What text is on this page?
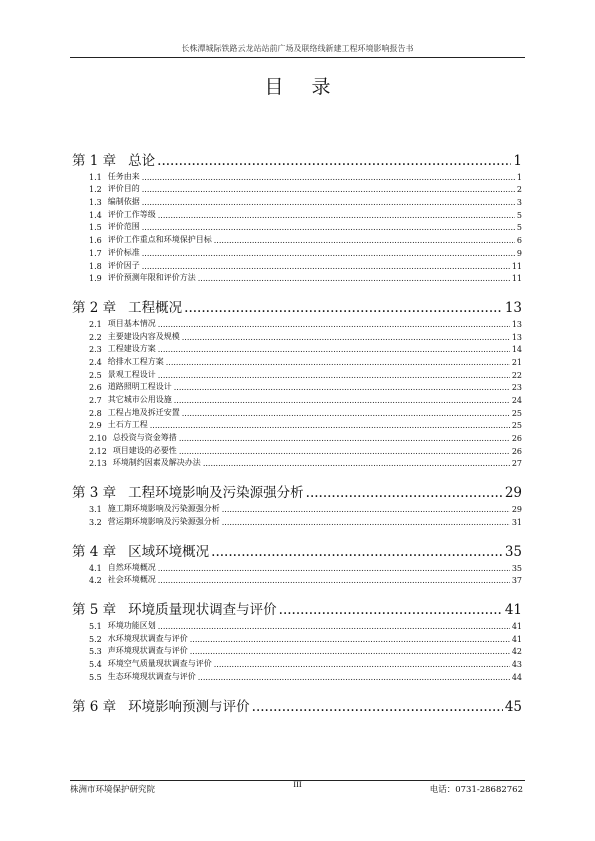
长株潭城际铁路云龙站站前广场及联络线新建工程环境影响报告书
目录
第 1 章 总论 .....	1
1.1 任务由来 .....	1
1.2 评价目的 .....	2
1.3 编制依据 .....	3
1.4 评价工作等级 .....	5
1.5 评价范围 .....	5
1.6 评价工作重点和环境保护目标 .....	6
1.7 评价标准 .....	9
1.8 评价因子 .....	11
1.9 评价预测年限和评价方法 .....	11
第 2 章 工程概况 .....	13
2.1 项目基本情况 .....	13
2.2 主要建设内容及规模 .....	13
2.3 工程建设方案 .....	14
2.4 给排水工程方案 .....	21
2.5 景观工程设计 .....	22
2.6 道路照明工程设计 .....	23
2.7 其它城市公用设施 .....	24
2.8 工程占地及拆迁安置 .....	25
2.9 土石方工程 .....	25
2.10 总投资与资金筹措 .....	26
2.12 项目建设的必要性 .....	26
2.13 环境制约因素及解决办法 .....	27
第 3 章 工程环境影响及污染源强分析 .....	29
3.1 施工期环境影响及污染源强分析 .....	29
3.2 营运期环境影响及污染源强分析 .....	31
第 4 章 区域环境概况 .....	35
4.1 自然环境概况 .....	35
4.2 社会环境概况 .....	37
第 5 章 环境质量现状调查与评价 .....	41
5.1 环境功能区划 .....	41
5.2 水环境现状调查与评价 .....	41
5.3 声环境现状调查与评价 .....	42
5.4 环境空气质量现状调查与评价 .....	43
5.5 生态环境现状调查与评价 .....	44
第 6 章 环境影响预测与评价 .....	45
株洲市环境保护研究院
III
电话：0731-28682762
